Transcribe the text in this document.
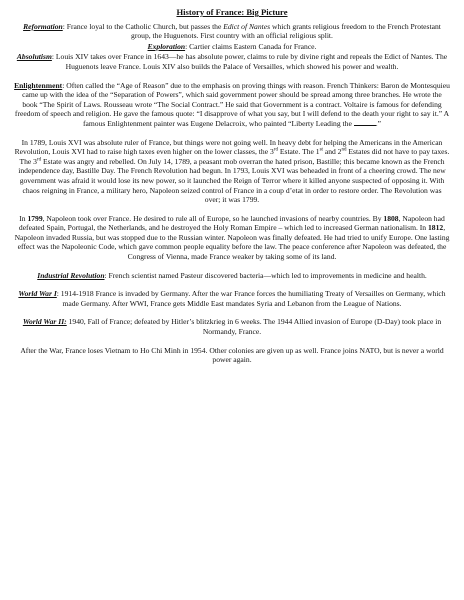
History of France: Big Picture

Reformation: France loyal to the Catholic Church, but passes the Edict of Nantes which grants religious freedom to the French Protestant group, the Huguenots. First country with an official religious split.

Exploration: Cartier claims Eastern Canada for France.

Absolutism: Louis XIV takes over France in 1643—he has absolute power, claims to rule by divine right and repeals the Edict of Nantes. The Huguenots leave France. Louis XIV also builds the Palace of Versailles, which showed his power and wealth.

Enlightenment: Often called the “Age of Reason” due to the emphasis on proving things with reason. French Thinkers: Baron de Montesquieu came up with the idea of the “Separation of Powers”, which said government power should be spread among three branches. He wrote the book “The Spirit of Laws. Rousseau wrote “The Social Contract.” He said that Government is a contract. Voltaire is famous for defending freedom of speech and religion. He gave the famous quote: “I disapprove of what you say, but I will defend to the death your right to say it.” A famous Enlightenment painter was Eugene Delacroix, who painted “Liberty Leading the	.”

In 1789, Louis XVI was absolute ruler of France, but things were not going well. In heavy debt for helping the Americans in the American Revolution, Louis XVI had to raise high taxes even higher on the lower classes, the 3rd Estate. The 1st and 2nd Estates did not have to pay taxes. The 3rd Estate was angry and rebelled. On July 14, 1789, a peasant mob overran the hated prison, Bastille; this became known as the French independence day, Bastille Day. The French Revolution had begun. In 1793, Louis XVI was beheaded in front of a cheering crowd. The new government was afraid it would lose its new power, so it launched the Reign of Terror where it killed anyone suspected of opposing it. With chaos reigning in France, a military hero, Napoleon seized control of France in a coup d’etat in order to restore order. The Revolution was over; it was 1799.

In 1799, Napoleon took over France. He desired to rule all of Europe, so he launched invasions of nearby countries. By 1808, Napoleon had defeated Spain, Portugal, the Netherlands, and he destroyed the Holy Roman Empire – which led to increased German nationalism. In 1812, Napoleon invaded Russia, but was stopped due to the Russian winter. Napoleon was finally defeated. He had tried to unify Europe. One lasting effect was the Napoleonic Code, which gave common people equality before the law. The peace conference after Napoleon was defeated, the Congress of Vienna, made France weaker by taking some of its land.

Industrial Revolution: French scientist named Pasteur discovered bacteria—which led to improvements in medicine and health.

World War I: 1914-1918 France is invaded by Germany. After the war France forces the humiliating Treaty of Versailles on Germany, which made Germany. After WWI, France gets Middle East mandates Syria and Lebanon from the League of Nations.

World War II: 1940, Fall of France; defeated by Hitler’s blitzkrieg in 6 weeks. The 1944 Allied invasion of Europe (D-Day) took place in Normandy, France.

After the War, France loses Vietnam to Ho Chi Minh in 1954. Other colonies are given up as well. France joins NATO, but is never a world power again.
